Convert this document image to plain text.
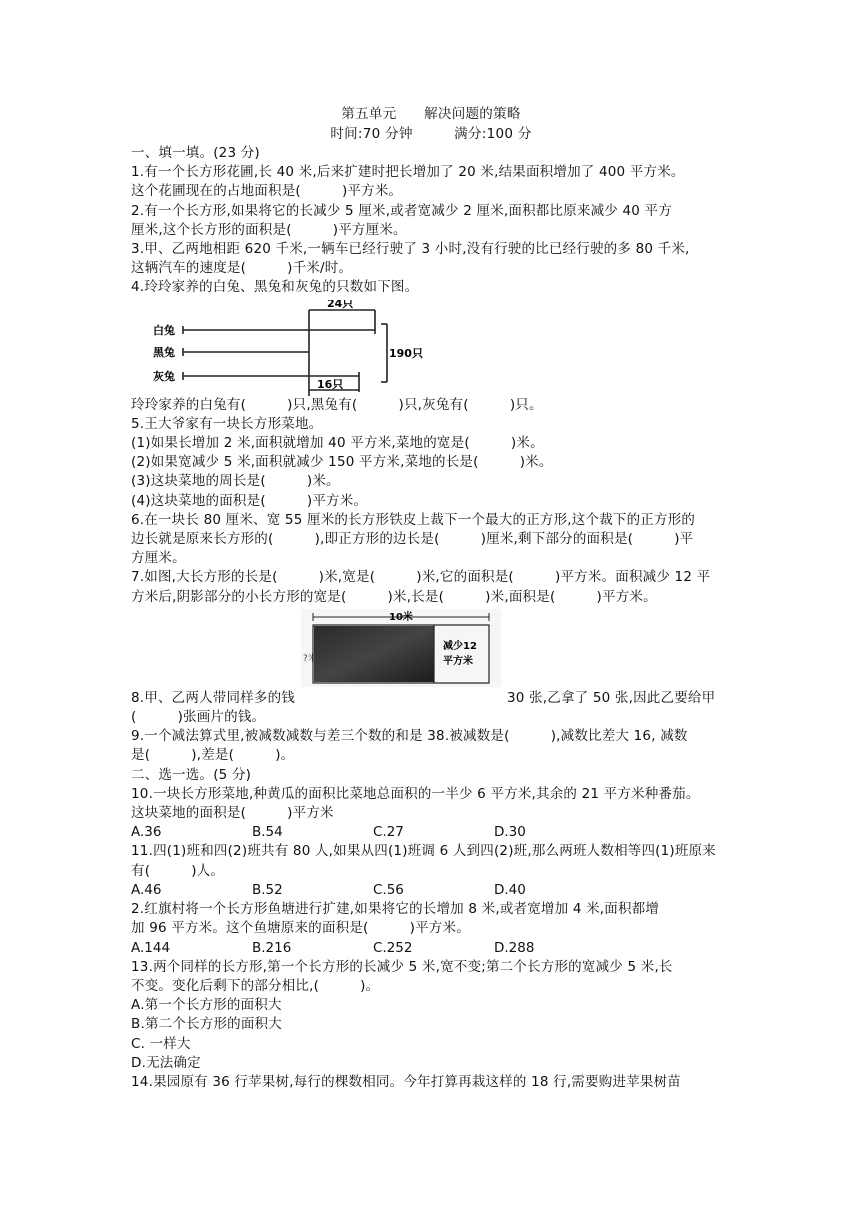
第五单元　　解决问题的策略
时间:70 分钟　　　满分:100 分
一、填一填。(23 分)
1.有一个长方形花圃,长 40 米,后来扩建时把长增加了 20 米,结果面积增加了 400 平方米。
这个花圃现在的占地面积是(　　　)平方米。
2.有一个长方形,如果将它的长减少 5 厘米,或者宽减少 2 厘米,面积都比原来减少 40 平方
厘米,这个长方形的面积是(　　　)平方厘米。
3.甲、乙两地相距 620 千米,一辆车已经行驶了 3 小时,没有行驶的比已经行驶的多 80 千米,
这辆汽车的速度是(　　　)千米/时。
4.玲玲家养的白兔、黑兔和灰兔的只数如下图。
白兔
黑兔
灰兔
24只
190只
16只
玲玲家养的白兔有(　　　)只,黑兔有(　　　)只,灰兔有(　　　)只。
5.王大爷家有一块长方形菜地。
(1)如果长增加 2 米,面积就增加 40 平方米,菜地的宽是(　　　)米。
(2)如果宽减少 5 米,面积就减少 150 平方米,菜地的长是(　　　)米。
(3)这块菜地的周长是(　　　)米。
(4)这块菜地的面积是(　　　)平方米。
6.在一块长 80 厘米、宽 55 厘米的长方形铁皮上裁下一个最大的正方形,这个裁下的正方形的
边长就是原来长方形的(　　　),即正方形的边长是(　　　)厘米,剩下部分的面积是(　　　)平
方厘米。
7.如图,大长方形的长是(　　　)米,宽是(　　　)米,它的面积是(　　　)平方米。面积减少 12 平
方米后,阴影部分的小长方形的宽是(　　　)米,长是(　　　)米,面积是(　　　)平方米。
10米
?米
减少12
平方米
8.甲、乙两人带同样多的钱	30 张,乙拿了 50 张,因此乙要给甲
(　　　)张画片的钱。
9.一个减法算式里,被减数减数与差三个数的和是 38.被减数是(　　　),减数比差大 16, 减数
是(　　　),差是(　　　)。
二、选一选。(5 分)
10.一块长方形菜地,种黄瓜的面积比菜地总面积的一半少 6 平方米,其余的 21 平方米种番茄。
这块菜地的面积是(　　　)平方米
A.36	B.54	C.27	D.30
11.四(1)班和四(2)班共有 80 人,如果从四(1)班调 6 人到四(2)班,那么两班人数相等四(1)班原来
有(　　　)人。
A.46	B.52	C.56	D.40
2.红旗村将一个长方形鱼塘进行扩建,如果将它的长增加 8 米,或者宽增加 4 米,面积都增
加 96 平方米。这个鱼塘原来的面积是(　　　)平方米。
A.144	B.216	C.252	D.288
13.两个同样的长方形,第一个长方形的长减少 5 米,宽不变;第二个长方形的宽减少 5 米,长
不变。变化后剩下的部分相比,(　　　)。
A.第一个长方形的面积大
B.第二个长方形的面积大
C. 一样大
D.无法确定
14.果园原有 36 行苹果树,每行的棵数相同。今年打算再栽这样的 18 行,需要购进苹果树苗
